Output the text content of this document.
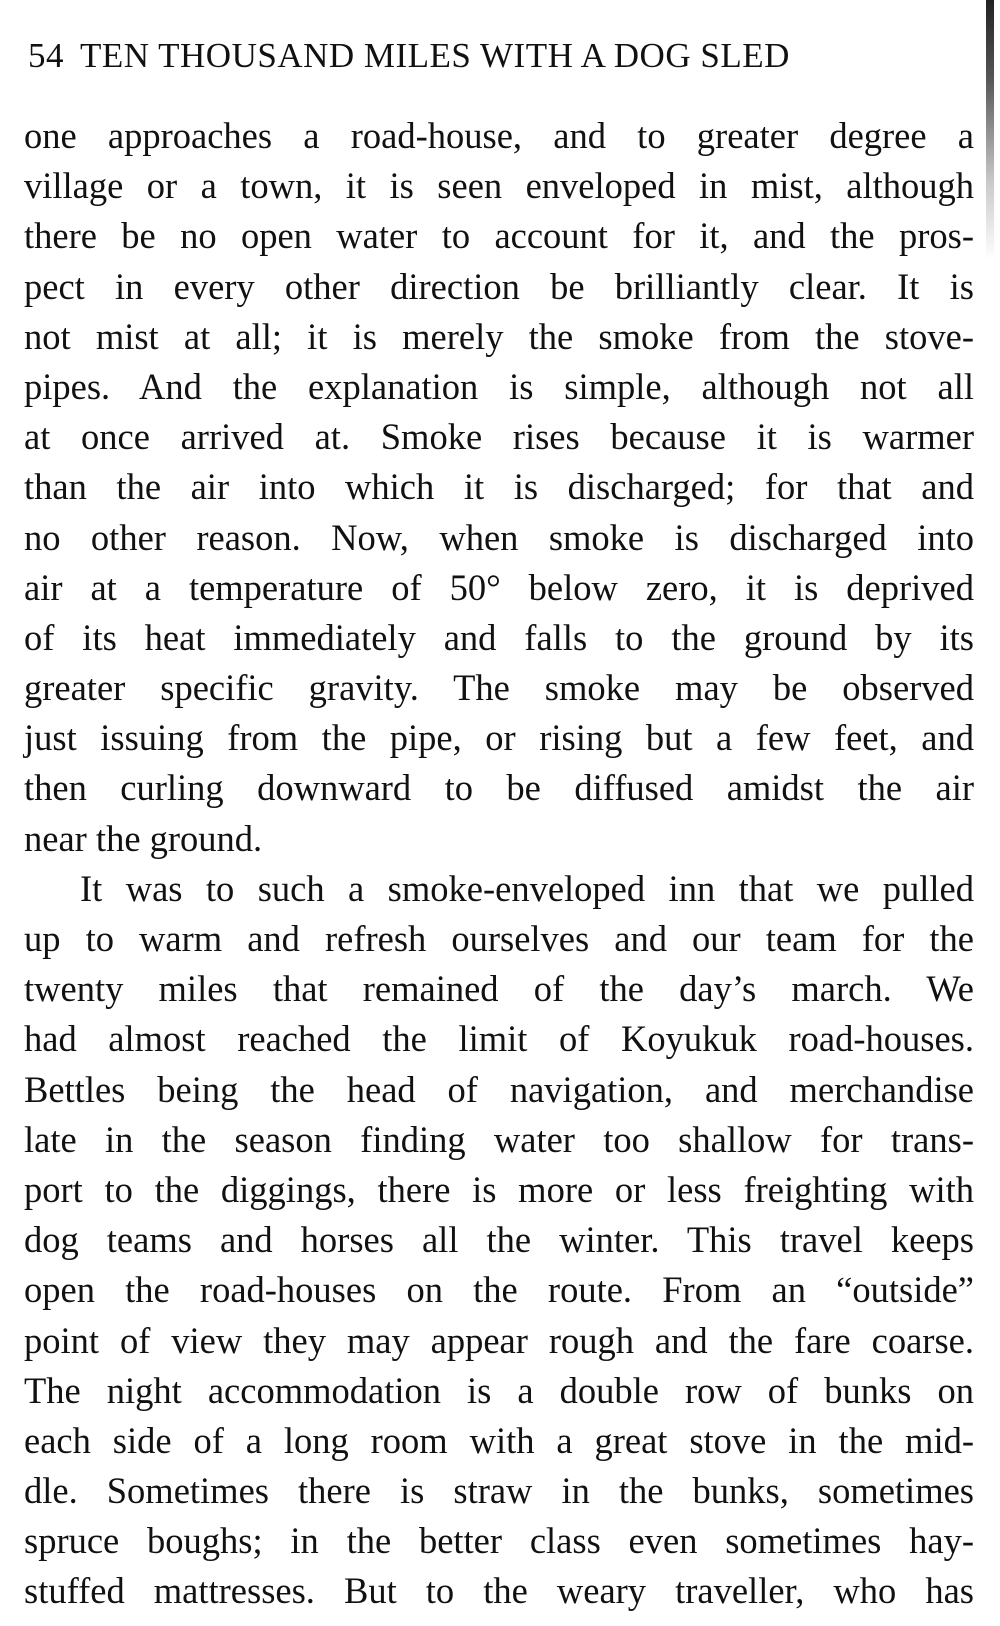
54 TEN THOUSAND MILES WITH A DOG SLED
one approaches a road-house, and to greater degree a
village or a town, it is seen enveloped in mist, although
there be no open water to account for it, and the pros-
pect in every other direction be brilliantly clear. It is
not mist at all; it is merely the smoke from the stove-
pipes. And the explanation is simple, although not all
at once arrived at. Smoke rises because it is warmer
than the air into which it is discharged; for that and
no other reason. Now, when smoke is discharged into
air at a temperature of 50° below zero, it is deprived
of its heat immediately and falls to the ground by its
greater specific gravity. The smoke may be observed
just issuing from the pipe, or rising but a few feet, and
then curling downward to be diffused amidst the air
near the ground.
It was to such a smoke-enveloped inn that we pulled
up to warm and refresh ourselves and our team for the
twenty miles that remained of the day’s march. We
had almost reached the limit of Koyukuk road-houses.
Bettles being the head of navigation, and merchandise
late in the season finding water too shallow for trans-
port to the diggings, there is more or less freighting with
dog teams and horses all the winter. This travel keeps
open the road-houses on the route. From an “outside”
point of view they may appear rough and the fare coarse.
The night accommodation is a double row of bunks on
each side of a long room with a great stove in the mid-
dle. Sometimes there is straw in the bunks, sometimes
spruce boughs; in the better class even sometimes hay-
stuffed mattresses. But to the weary traveller, who has
